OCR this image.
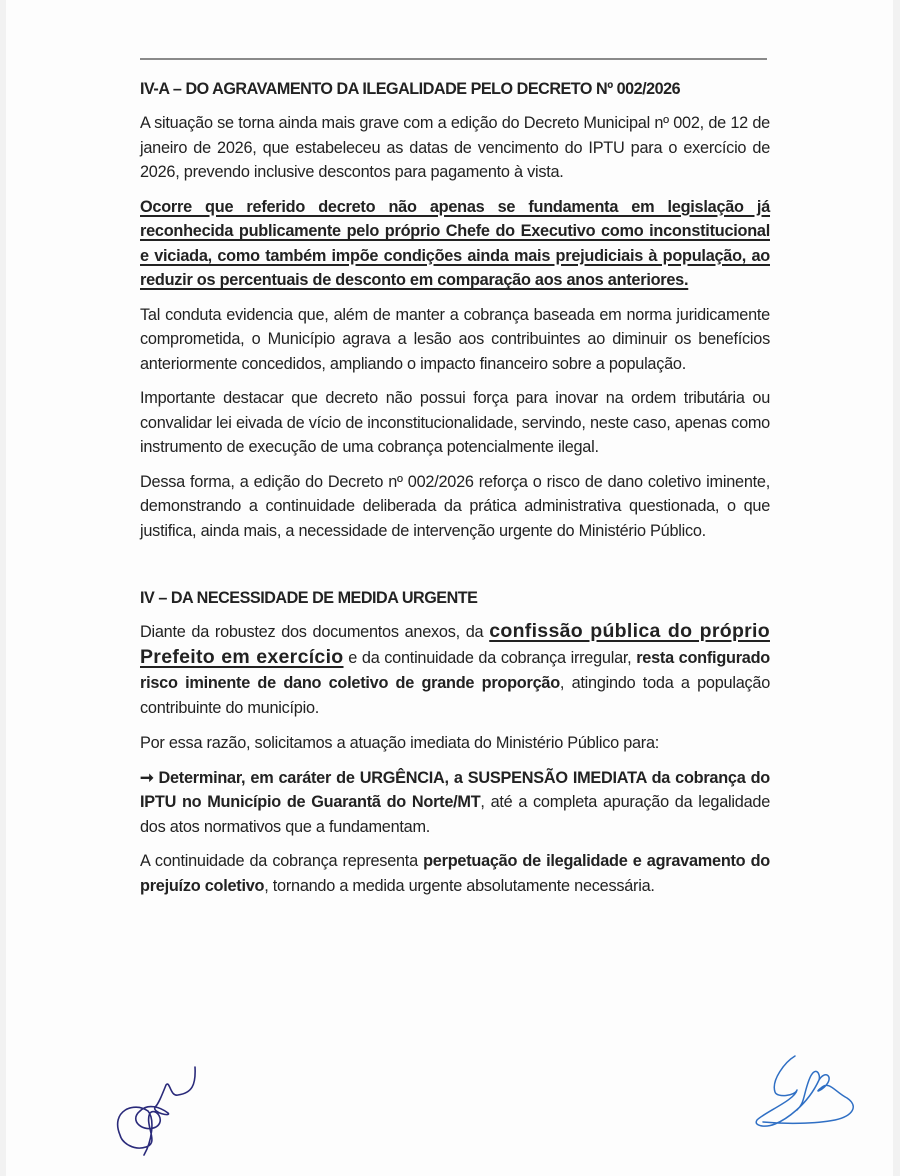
IV-A – DO AGRAVAMENTO DA ILEGALIDADE PELO DECRETO Nº 002/2026

A situação se torna ainda mais grave com a edição do Decreto Municipal nº 002, de 12 de janeiro de 2026, que estabeleceu as datas de vencimento do IPTU para o exercício de 2026, prevendo inclusive descontos para pagamento à vista.

Ocorre que referido decreto não apenas se fundamenta em legislação já reconhecida publicamente pelo próprio Chefe do Executivo como inconstitucional e viciada, como também impõe condições ainda mais prejudiciais à população, ao reduzir os percentuais de desconto em comparação aos anos anteriores.

Tal conduta evidencia que, além de manter a cobrança baseada em norma juridicamente comprometida, o Município agrava a lesão aos contribuintes ao diminuir os benefícios anteriormente concedidos, ampliando o impacto financeiro sobre a população.

Importante destacar que decreto não possui força para inovar na ordem tributária ou convalidar lei eivada de vício de inconstitucionalidade, servindo, neste caso, apenas como instrumento de execução de uma cobrança potencialmente ilegal.

Dessa forma, a edição do Decreto nº 002/2026 reforça o risco de dano coletivo iminente, demonstrando a continuidade deliberada da prática administrativa questionada, o que justifica, ainda mais, a necessidade de intervenção urgente do Ministério Público.

IV – DA NECESSIDADE DE MEDIDA URGENTE

Diante da robustez dos documentos anexos, da confissão pública do próprio Prefeito em exercício e da continuidade da cobrança irregular, resta configurado risco iminente de dano coletivo de grande proporção, atingindo toda a população contribuinte do município.

Por essa razão, solicitamos a atuação imediata do Ministério Público para:

➞ Determinar, em caráter de URGÊNCIA, a SUSPENSÃO IMEDIATA da cobrança do IPTU no Município de Guarantã do Norte/MT, até a completa apuração da legalidade dos atos normativos que a fundamentam.

A continuidade da cobrança representa perpetuação de ilegalidade e agravamento do prejuízo coletivo, tornando a medida urgente absolutamente necessária.
